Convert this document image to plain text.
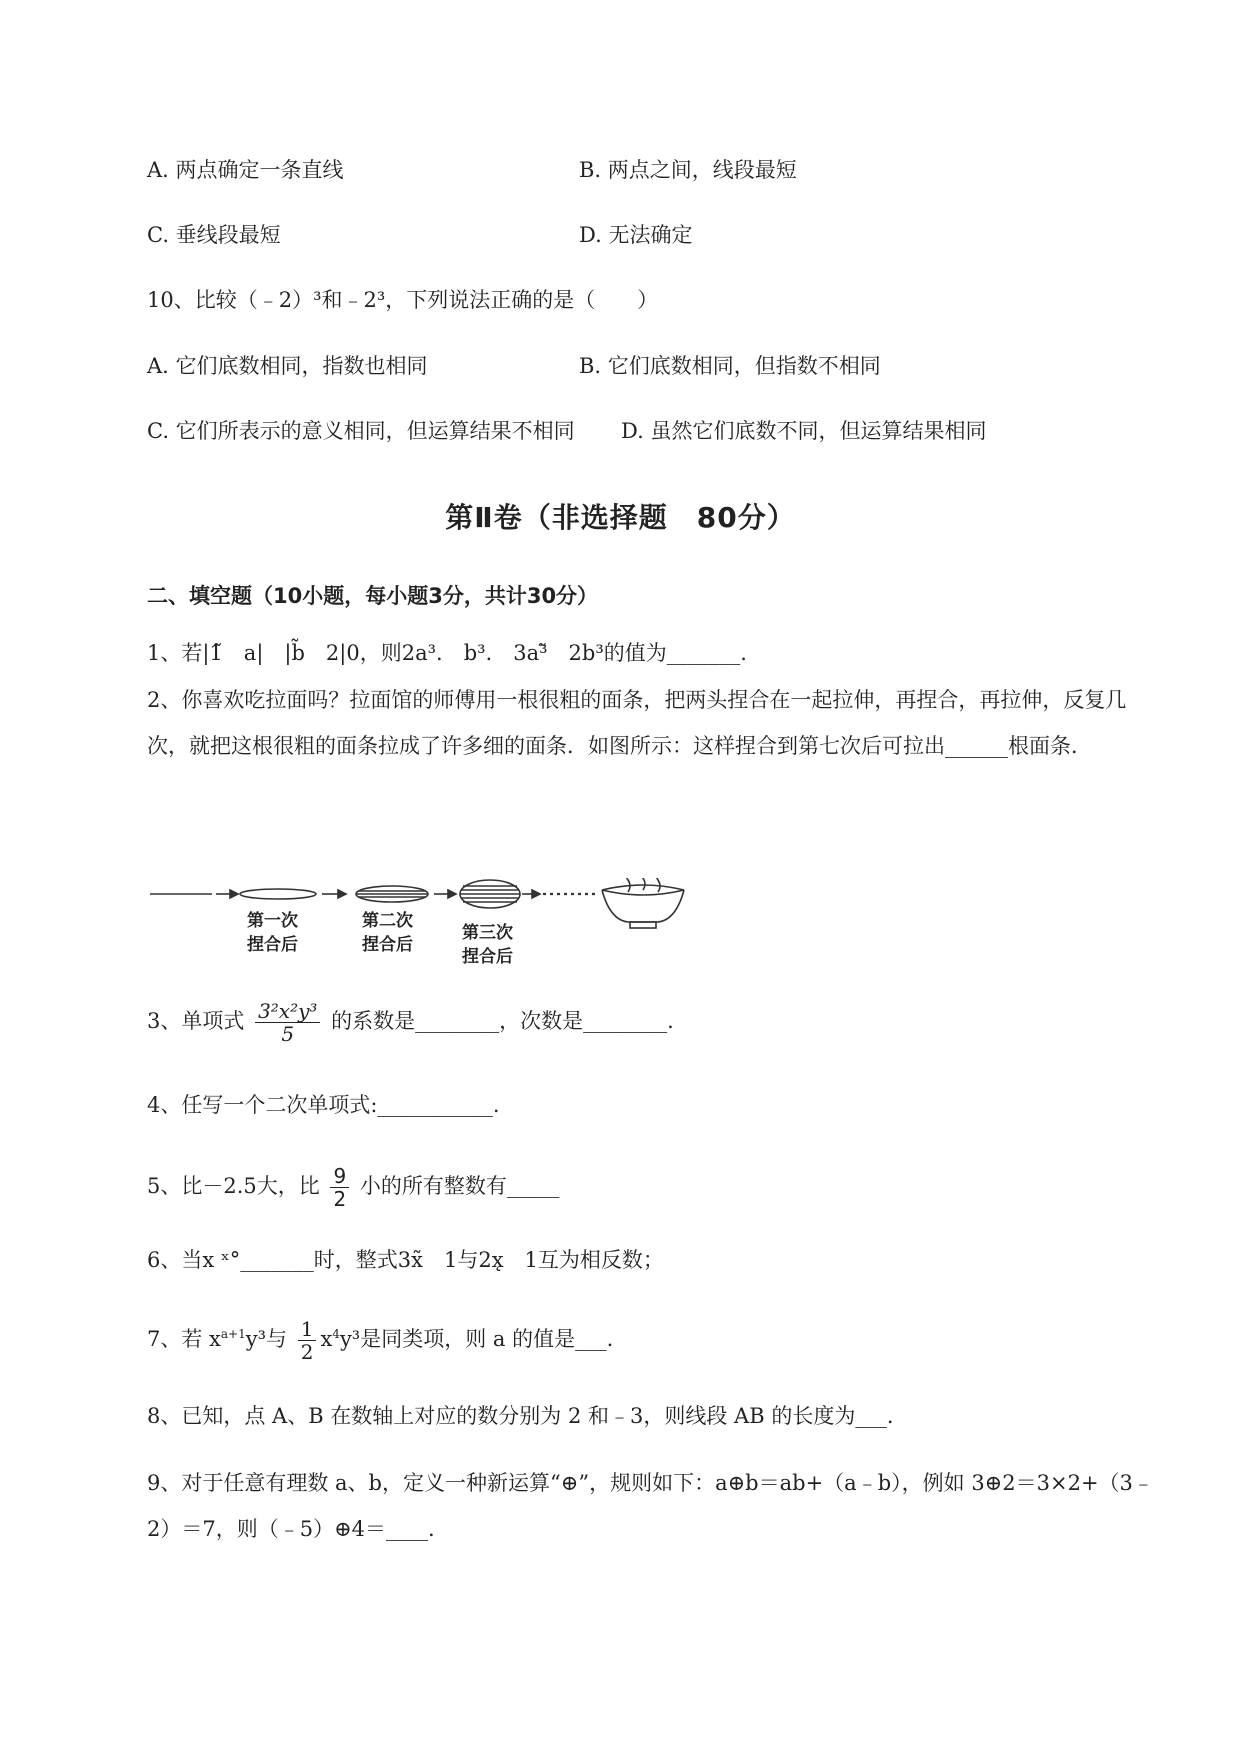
A. 两点确定一条直线	B. 两点之间，线段最短
C. 垂线段最短	D. 无法确定
10、比较（﹣2）³和﹣2³，下列说法正确的是（　　）
A. 它们底数相同，指数也相同	B. 它们底数相同，但指数不相同
C. 它们所表示的意义相同，但运算结果不相同 D. 虽然它们底数不同，但运算结果相同
第Ⅱ卷（非选择题　80分）
二、填空题（10小题，每小题3分，共计30分）
1、若|1̃　a|　|b̃　2|0，则2a³.　b³.　3a³̃　2b³的值为_______.
2、你喜欢吃拉面吗？拉面馆的师傅用一根很粗的面条，把两头捏合在一起拉伸，再捏合，再拉伸，反复几次，就把这根很粗的面条拉成了许多细的面条．如图所示：这样捏合到第七次后可拉出______根面条．
第一次
捏合后
第二次
捏合后
第三次
捏合后
3、单项式 $\frac{\text{3²x²y³}}{5}$ 的系数是________，次数是________.
4、任写一个二次单项式:___________.
5、比－2.5大，比 $\frac{9}{2}$ 小的所有整数有_____
6、当x ˣ°_______时，整式3x̃　1与2x̨　1互为相反数；
7、若 $x^{a+1}y^3$与 $\frac{1}{2} x^4y^3$是同类项，则 a 的值是___.
8、已知，点 A、B 在数轴上对应的数分别为 2 和﹣3，则线段 AB 的长度为___.
9、对于任意有理数 a、b，定义一种新运算“⊕”，规则如下：a⊕b＝ab+（a﹣b），例如 3⊕2＝3×2+（3﹣2）＝7，则（﹣5）⊕4＝____.
